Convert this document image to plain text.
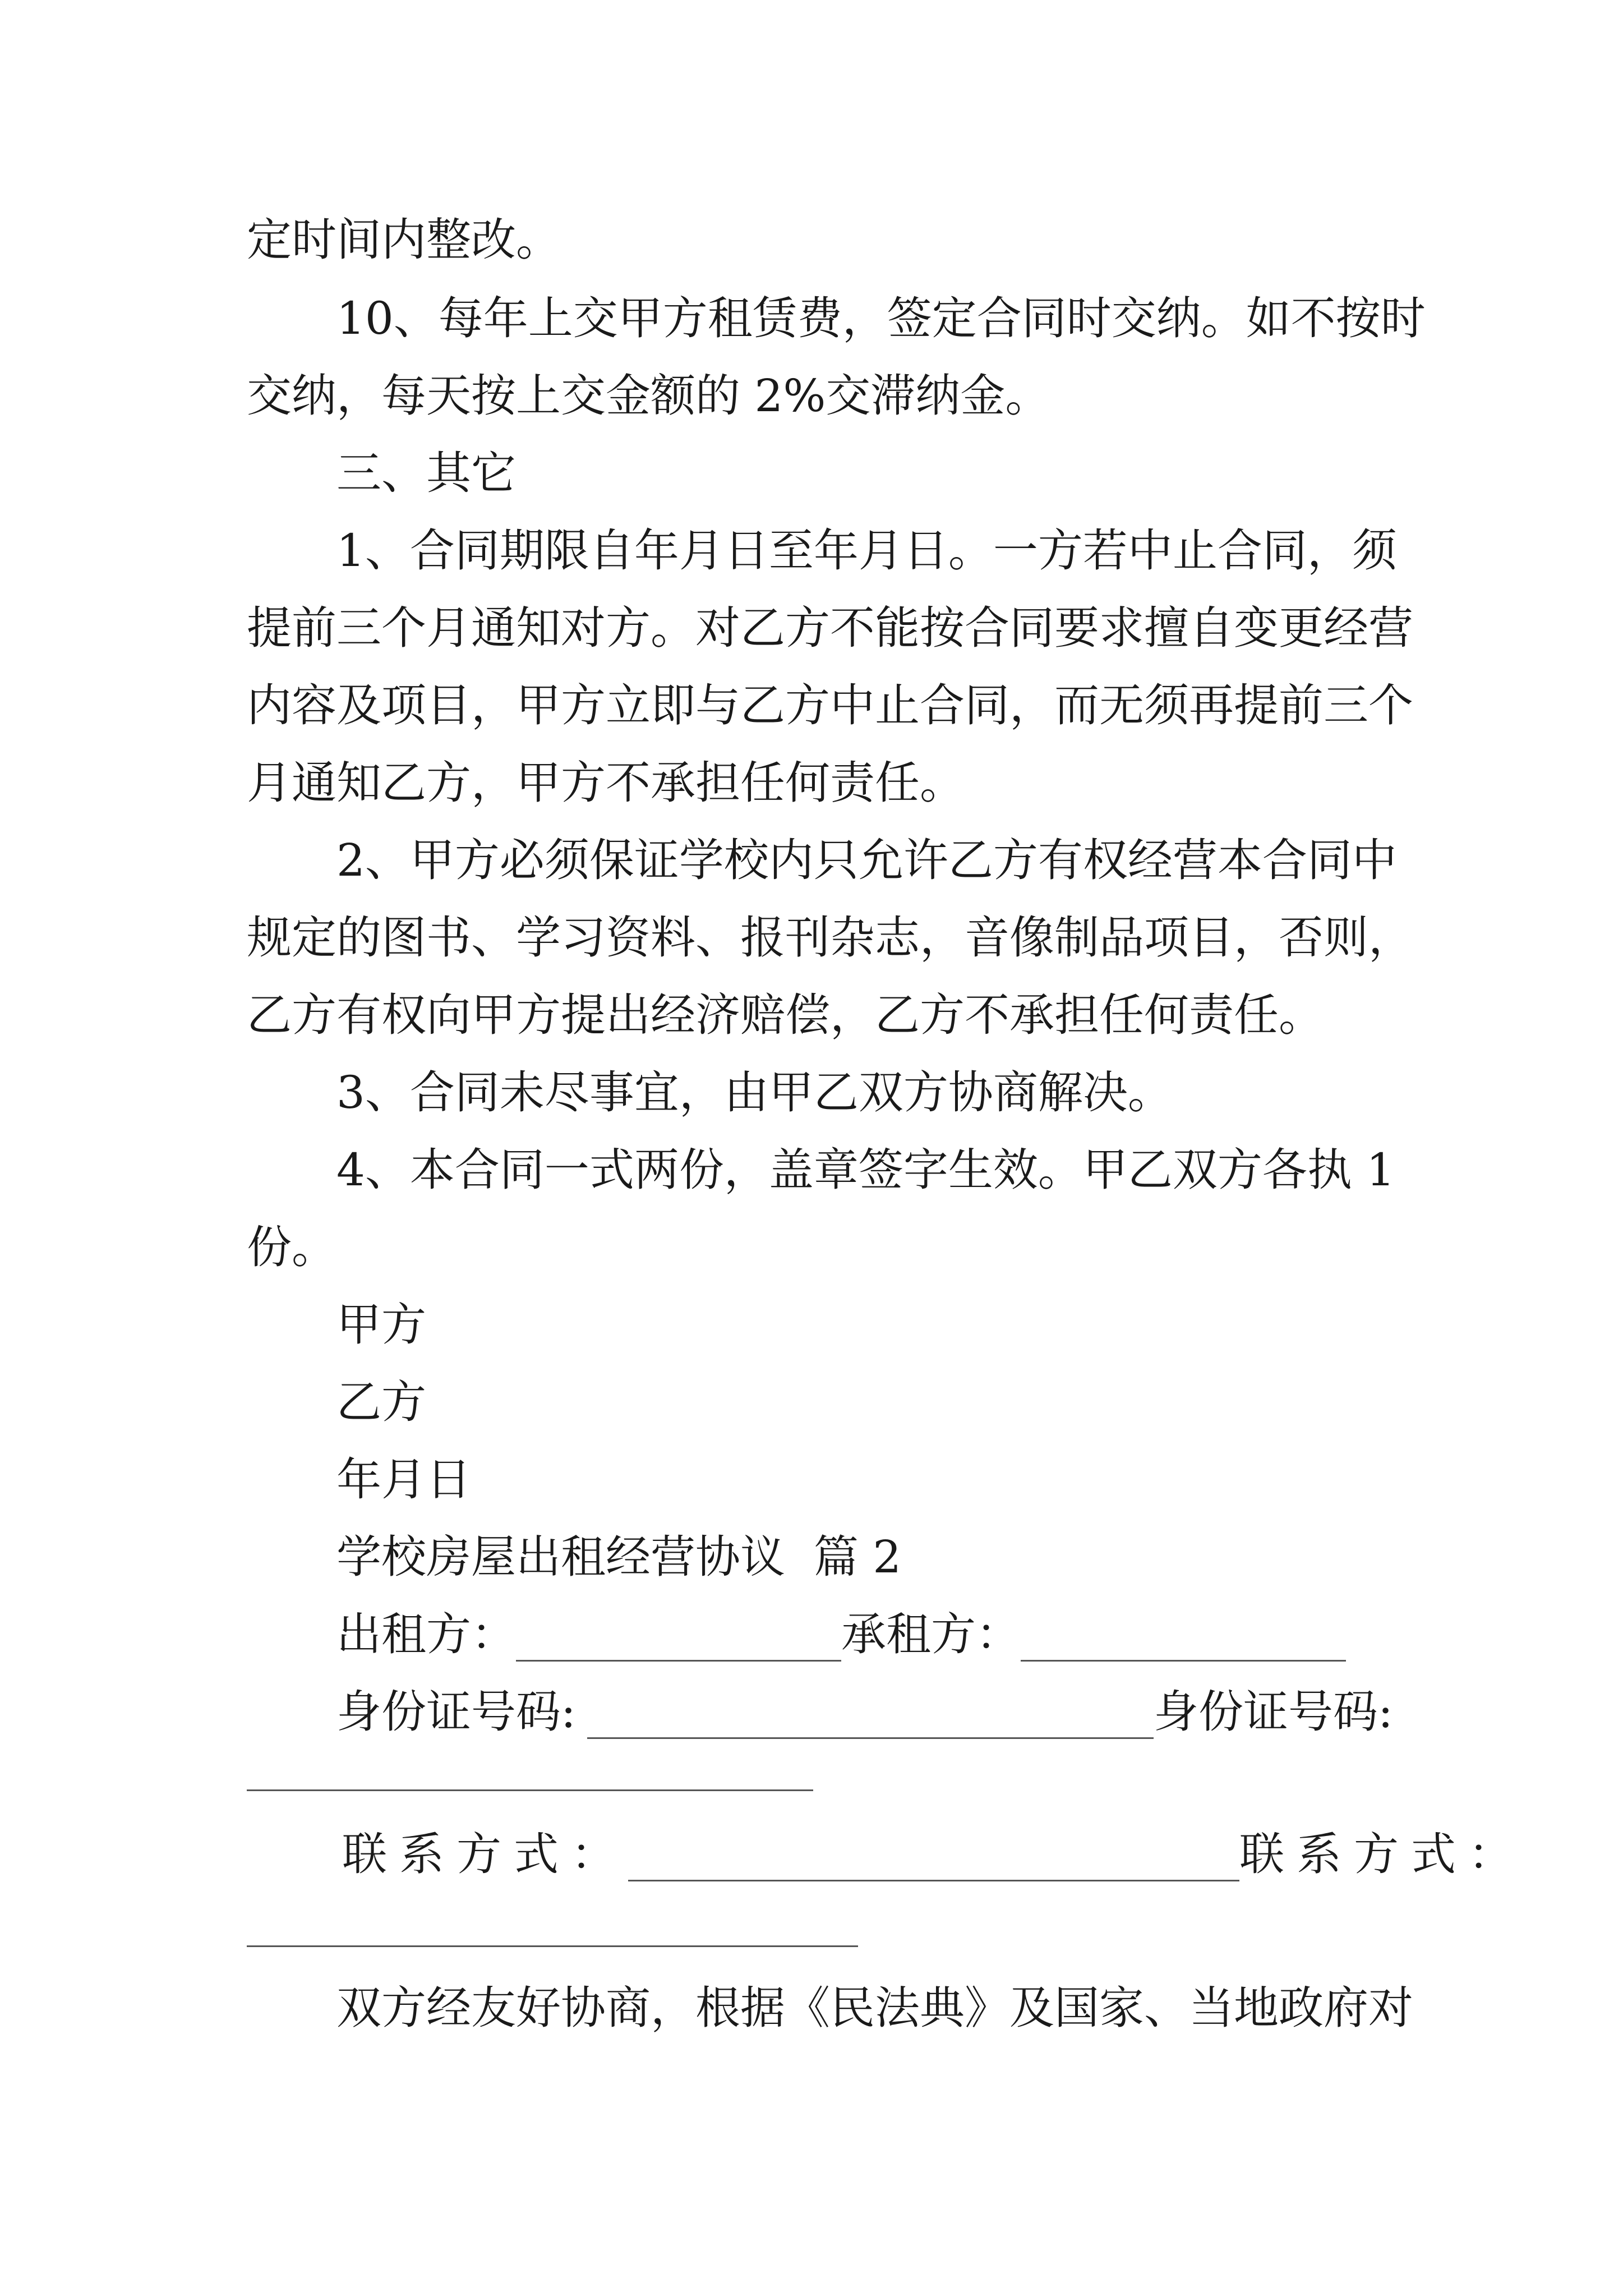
定时间内整改。
10、每年上交甲方租赁费，签定合同时交纳。如不按时
交纳，每天按上交金额的 2%交滞纳金。
三、其它
1、合同期限自年月日至年月日。一方若中止合同，须
提前三个月通知对方。对乙方不能按合同要求擅自变更经营
内容及项目，甲方立即与乙方中止合同，而无须再提前三个
月通知乙方，甲方不承担任何责任。
2、甲方必须保证学校内只允许乙方有权经营本合同中
规定的图书、学习资料、报刊杂志，音像制品项目，否则，
乙方有权向甲方提出经济赔偿，乙方不承担任何责任。
3、合同未尽事宜，由甲乙双方协商解决。
4、本合同一式两份，盖章签字生效。甲乙双方各执 1
份。
甲方
乙方
年月日
学校房屋出租经营协议  篇 2
出租方：	承租方：
身份证号码:	身份证号码:
联系方式：	联系方式：
双方经友好协商，根据《民法典》及国家、当地政府对
